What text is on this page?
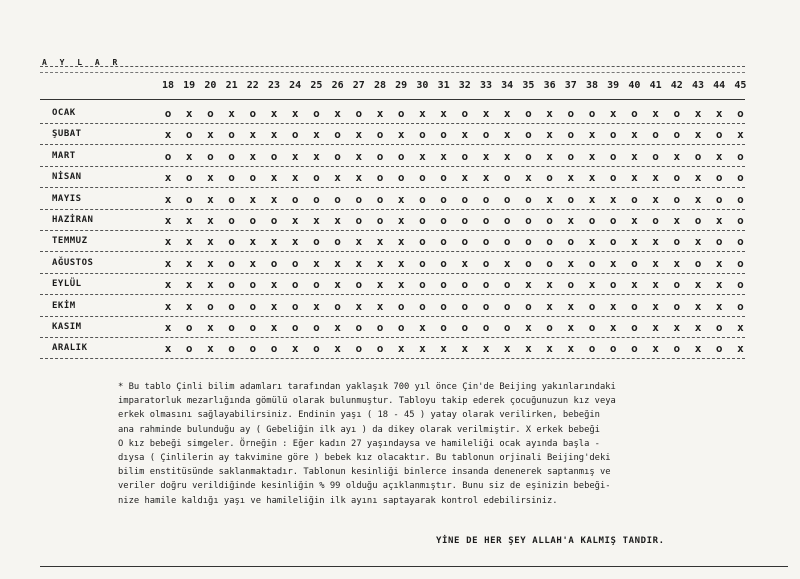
A Y L A R
18 19 20 21 22 23 24 25 26 27 28 29 30 31 32 33 34 35 36 37 38 39 40 41 42 43 44 45
OCAK	o	x	o	x	o	x	x	o	x	o	x	o	x	x	o	x	x	o	x	o	o	x	o	x	o	x	x	o
ŞUBAT	x	o	x	o	x	x	o	x	o	x	o	x	o	o	x	o	x	o	x	o	x	o	x	o	o	x	o	x
MART	o	x	o	o	x	o	x	x	o	x	o	o	x	x	o	x	x	o	x	o	x	o	x	o	x	o	x	o
NİSAN	x	o	x	o	o	x	x	o	x	x	o	o	o	o	x	x	o	x	o	x	x	o	x	x	o	x	o	o
MAYIS	x	o	x	o	x	x	o	o	o	o	o	x	o	o	o	o	o	o	x	o	x	x	o	x	o	x	o	o
HAZİRAN	x	x	x	o	o	o	x	x	x	o	o	x	o	o	o	o	o	o	o	x	o	o	x	o	x	o	x	o
TEMMUZ	x	x	x	o	x	x	x	o	o	x	x	x	o	o	o	o	o	o	o	o	x	o	x	x	o	x	o	o
AĞUSTOS	x	x	x	o	x	o	o	x	x	x	x	x	o	o	x	o	x	o	o	x	o	x	o	x	x	o	x	o
EYLÜL	x	x	x	o	o	x	o	o	x	o	x	x	o	o	o	o	o	x	x	o	x	o	x	x	o	x	x	o
EKİM	x	x	o	o	o	x	o	x	o	x	x	o	o	o	o	o	o	o	x	x	o	x	o	x	o	x	x	o
KASIM	x	o	x	o	o	x	o	o	x	o	o	o	x	o	o	o	o	x	o	x	o	x	o	x	x	x	o	x
ARALIK	x	o	x	o	o	o	x	o	x	o	o	x	x	x	x	x	x	x	x	x	o	o	o	x	o	x	o	x

* Bu tablo Çinli bilim adamları tarafından yaklaşık 700 yıl önce Çin'de Beijing yakınlarındaki

imparatorluk mezarlığında gömülü olarak bulunmuştur. Tabloyu takip ederek çocuğunuzun kız veya

erkek olmasını sağlayabilirsiniz. Endinin yaşı ( 18 - 45 ) yatay olarak verilirken, bebeğin

ana rahminde bulunduğu ay ( Gebeliğin ilk ayı ) da dikey olarak verilmiştir. X erkek bebeği

O kız bebeği simgeler. Örneğin : Eğer kadın 27 yaşındaysa ve hamileliği ocak ayında başla -

dıysa ( Çinlilerin ay takvimine göre ) bebek kız olacaktır. Bu tablonun orjinali Beijing'deki

bilim enstitüsünde saklanmaktadır. Tablonun kesinliği binlerce insanda denenerek saptanmış ve

veriler doğru verildiğinde kesinliğin % 99 olduğu açıklanmıştır. Bunu siz de eşinizin bebeği-

nize hamile kaldığı yaşı ve hamileliğin ilk ayını saptayarak kontrol edebilirsiniz.

YİNE DE HER ŞEY ALLAH'A KALMIŞ TANDIR.
